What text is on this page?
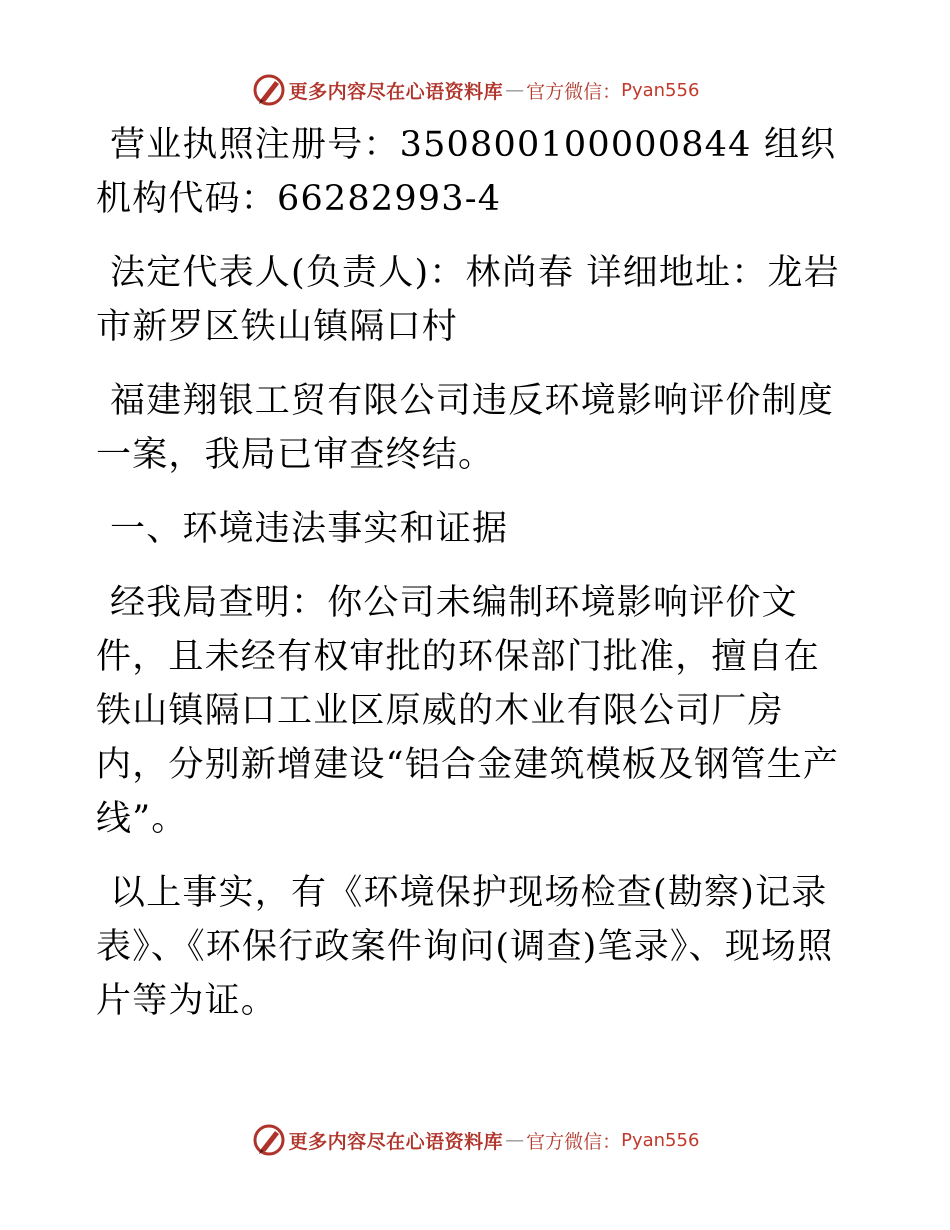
更多内容尽在心语资料库 — 官方微信： Pyan556

营业执照注册号：350800100000844 组织机构代码：66282993-4

法定代表人(负责人)：林尚春 详细地址：龙岩市新罗区铁山镇隔口村

福建翔银工贸有限公司违反环境影响评价制度一案，我局已审查终结。

一、环境违法事实和证据

经我局查明：你公司未编制环境影响评价文件，且未经有权审批的环保部门批准，擅自在铁山镇隔口工业区原威的木业有限公司厂房内，分别新增建设“铝合金建筑模板及钢管生产线”。

以上事实，有《环境保护现场检查(勘察)记录表》、《环保行政案件询问(调查)笔录》、现场照片等为证。

更多内容尽在心语资料库 — 官方微信： Pyan556
